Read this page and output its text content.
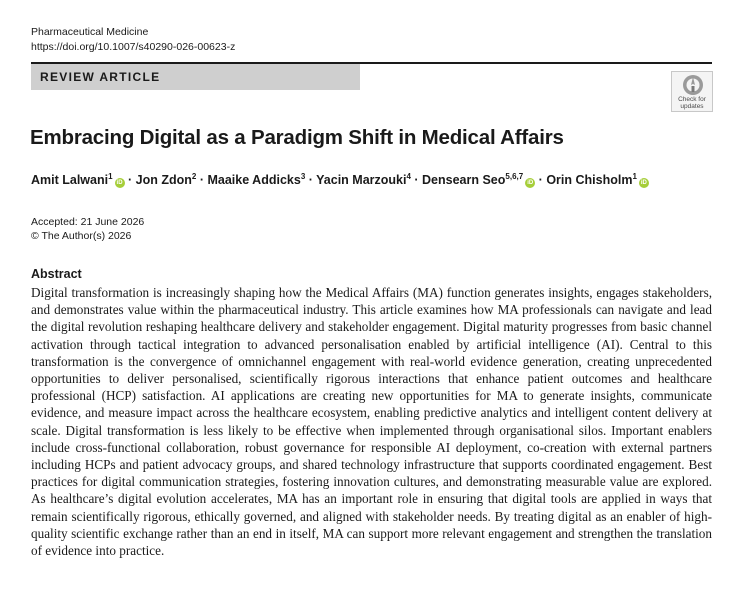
Pharmaceutical Medicine
https://doi.org/10.1007/s40290-026-00623-z
REVIEW ARTICLE
Check for
updates
Embracing Digital as a Paradigm Shift in Medical Affairs
Amit Lalwani$^1$iD · Jon Zdon$^2$ · Maaike Addicks$^3$ · Yacin Marzouki$^4$ · Densearn Seo$^{5,6,7}$iD · Orin Chisholm$^1$iD
Accepted: 21 June 2026
© The Author(s) 2026
Abstract

Digital transformation is increasingly shaping how the Medical Affairs (MA) function generates insights, engages stakeholders, and demonstrates value within the pharmaceutical industry. This article examines how MA professionals can navigate and lead the digital revolution reshaping healthcare delivery and stakeholder engagement. Digital maturity progresses from basic channel activation through tactical integration to advanced personalisation enabled by artificial intelligence (AI). Central to this transformation is the convergence of omnichannel engagement with real-world evidence generation, creating unprecedented opportunities to deliver personalised, scientifically rigorous interactions that enhance patient outcomes and healthcare professional (HCP) satisfaction. AI applications are creating new opportunities for MA to generate insights, communicate evidence, and measure impact across the healthcare ecosystem, enabling predictive analytics and intelligent content delivery at scale. Digital transformation is less likely to be effective when implemented through organisational silos. Important enablers include cross-functional collaboration, robust governance for responsible AI deployment, co-creation with external partners including HCPs and patient advocacy groups, and shared technology infrastructure that supports coordinated engagement. Best practices for digital communication strategies, fostering innovation cultures, and demonstrating measurable value are explored. As healthcare’s digital evolution accelerates, MA has an important role in ensuring that digital tools are applied in ways that remain scientifically rigorous, ethically governed, and aligned with stakeholder needs. By treating digital as an enabler of high-quality scientific exchange rather than an end in itself, MA can support more relevant engagement and strengthen the translation of evidence into practice.
